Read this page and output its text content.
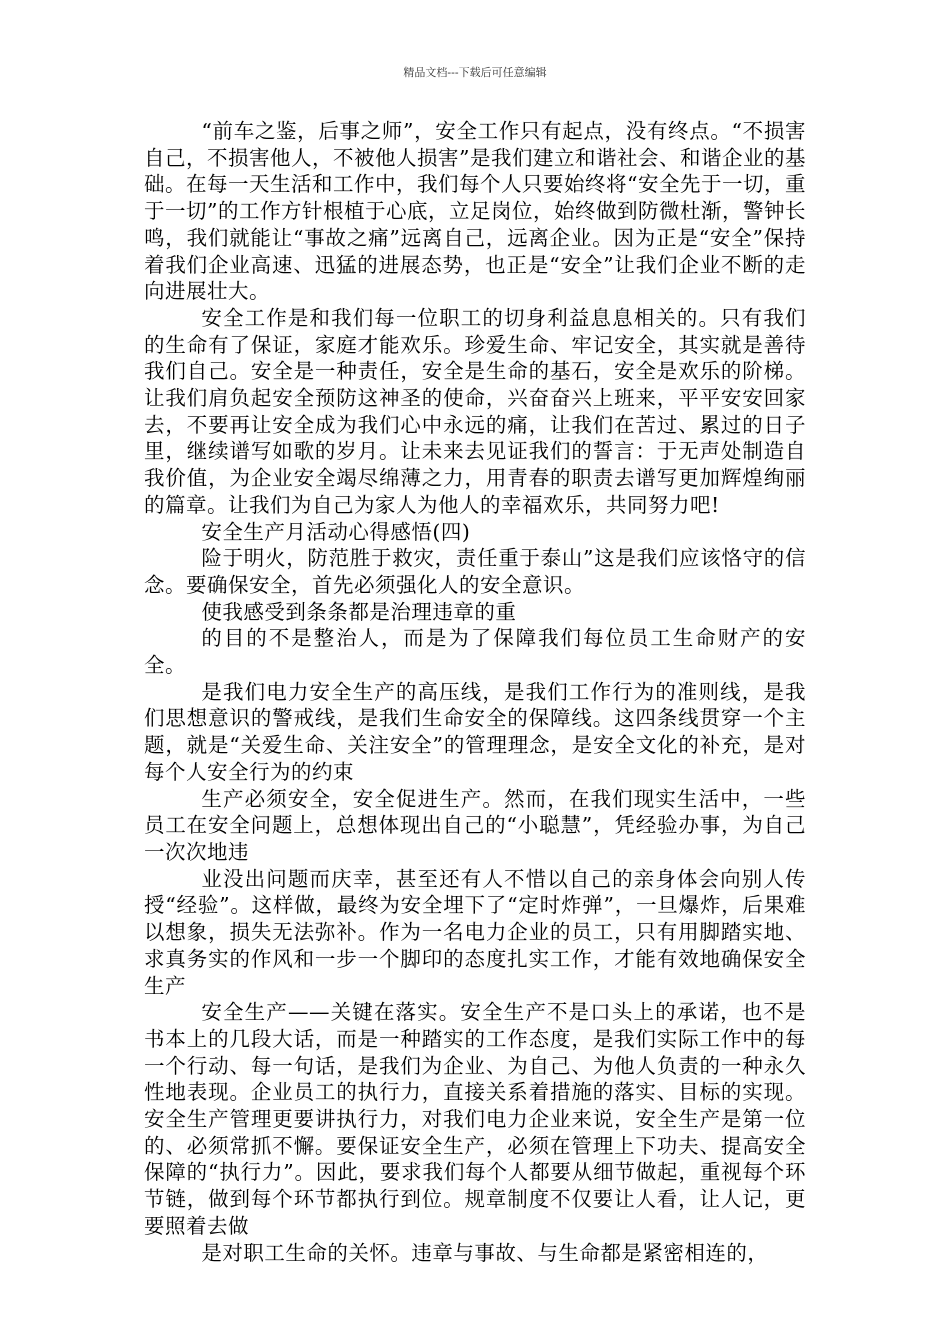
精品文档---下载后可任意编辑

“前车之鉴，后事之师”，安全工作只有起点，没有终点。“不损害自己，不损害他人，不被他人损害”是我们建立和谐社会、和谐企业的基础。在每一天生活和工作中，我们每个人只要始终将“安全先于一切，重于一切”的工作方针根植于心底，立足岗位，始终做到防微杜渐，警钟长鸣，我们就能让“事故之痛”远离自己，远离企业。因为正是“安全”保持着我们企业高速、迅猛的进展态势，也正是“安全”让我们企业不断的走向进展壮大。

安全工作是和我们每一位职工的切身利益息息相关的。只有我们的生命有了保证，家庭才能欢乐。珍爱生命、牢记安全，其实就是善待我们自己。安全是一种责任，安全是生命的基石，安全是欢乐的阶梯。让我们肩负起安全预防这神圣的使命，兴奋奋兴上班来，平平安安回家去，不要再让安全成为我们心中永远的痛，让我们在苦过、累过的日子里，继续谱写如歌的岁月。让未来去见证我们的誓言：于无声处制造自我价值，为企业安全竭尽绵薄之力，用青春的职责去谱写更加辉煌绚丽的篇章。让我们为自己为家人为他人的幸福欢乐，共同努力吧!

安全生产月活动心得感悟(四)

险于明火，防范胜于救灾，责任重于泰山”这是我们应该恪守的信念。要确保安全，首先必须强化人的安全意识。

使我感受到条条都是治理违章的重

的目的不是整治人，而是为了保障我们每位员工生命财产的安全。

是我们电力安全生产的高压线，是我们工作行为的准则线，是我们思想意识的警戒线，是我们生命安全的保障线。这四条线贯穿一个主题，就是“关爱生命、关注安全”的管理理念，是安全文化的补充，是对每个人安全行为的约束

生产必须安全，安全促进生产。然而，在我们现实生活中，一些员工在安全问题上，总想体现出自己的“小聪慧”，凭经验办事，为自己一次次地违

业没出问题而庆幸，甚至还有人不惜以自己的亲身体会向别人传授“经验”。这样做，最终为安全埋下了“定时炸弹”，一旦爆炸，后果难以想象，损失无法弥补。作为一名电力企业的员工，只有用脚踏实地、求真务实的作风和一步一个脚印的态度扎实工作，才能有效地确保安全生产

安全生产——关键在落实。安全生产不是口头上的承诺，也不是书本上的几段大话，而是一种踏实的工作态度，是我们实际工作中的每一个行动、每一句话，是我们为企业、为自己、为他人负责的一种永久性地表现。企业员工的执行力，直接关系着措施的落实、目标的实现。安全生产管理更要讲执行力，对我们电力企业来说，安全生产是第一位的、必须常抓不懈。要保证安全生产，必须在管理上下功夫、提高安全保障的“执行力”。因此，要求我们每个人都要从细节做起，重视每个环节链，做到每个环节都执行到位。规章制度不仅要让人看，让人记，更要照着去做

是对职工生命的关怀。违章与事故、与生命都是紧密相连的，
